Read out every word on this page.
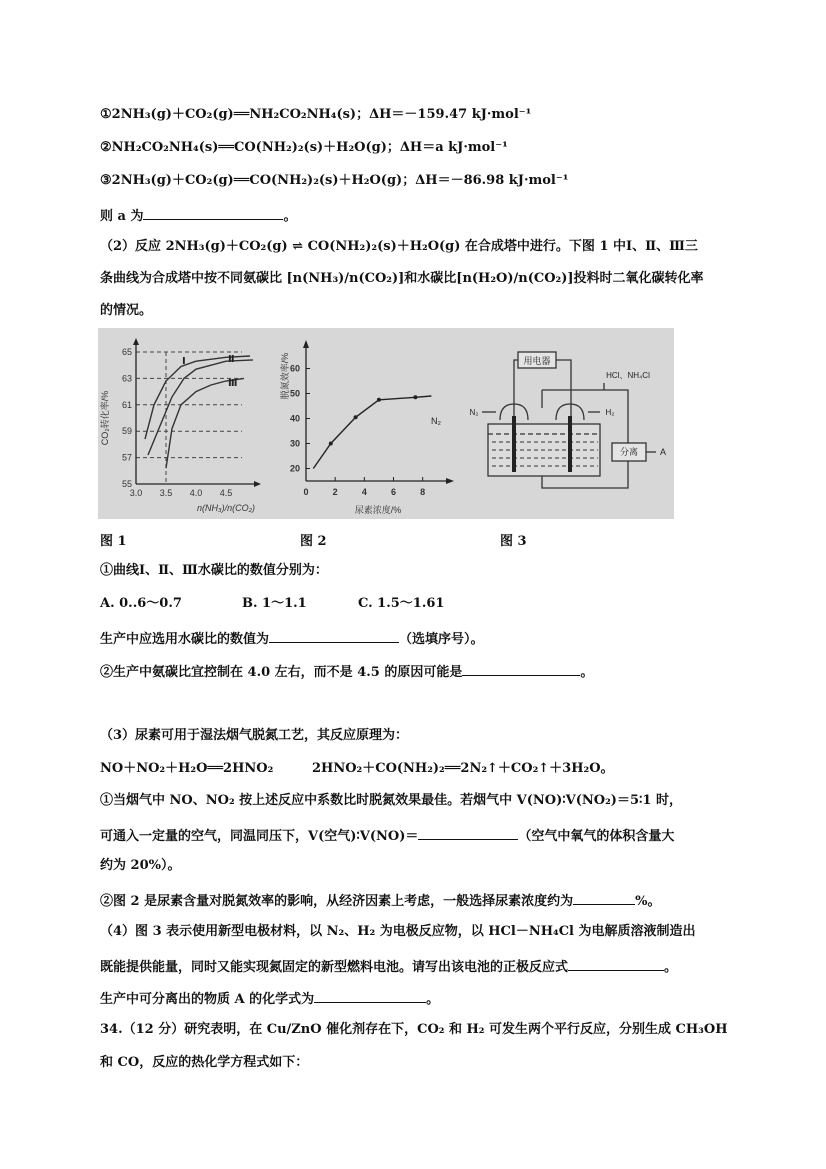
①2NH₃(g)＋CO₂(g)══NH₂CO₂NH₄(s)；ΔH＝－159.47 kJ·mol⁻¹
②NH₂CO₂NH₄(s)══CO(NH₂)₂(s)＋H₂O(g)；ΔH＝a kJ·mol⁻¹
③2NH₃(g)＋CO₂(g)══CO(NH₂)₂(s)＋H₂O(g)；ΔH＝－86.98 kJ·mol⁻¹
则 a 为	。
（2）反应 2NH₃(g)＋CO₂(g) ⇌ CO(NH₂)₂(s)＋H₂O(g) 在合成塔中进行。下图 1 中Ⅰ、Ⅱ、Ⅲ三
条曲线为合成塔中按不同氨碳比 [n(NH₃)/n(CO₂)]和水碳比[n(H₂O)/n(CO₂)]投料时二氧化碳转化率
的情况。
55
57
59
61
63
65
3.0 3.5 4.0 4.5
n(NH₃)/n(CO₂)
CO₂转化率/%
Ⅰ	Ⅱ
Ⅲ
20
30
40
50
60
0	2	4	6	8
尿素浓度/%
脱氮效率/%
N₂
用电器
HCl、NH₄Cl
N₂	H₂
分离 A
图 1	图 2	图 3
①曲线Ⅰ、Ⅱ、Ⅲ水碳比的数值分别为：
A. 0..6～0.7	B. 1～1.1	C. 1.5～1.61
生产中应选用水碳比的数值为	（选填序号）。
②生产中氨碳比宜控制在 4.0 左右，而不是 4.5 的原因可能是	。
（3）尿素可用于湿法烟气脱氮工艺，其反应原理为：
NO＋NO₂＋H₂O══2HNO₂	2HNO₂＋CO(NH₂)₂══2N₂↑＋CO₂↑＋3H₂O。
①当烟气中 NO、NO₂ 按上述反应中系数比时脱氮效果最佳。若烟气中 V(NO)∶V(NO₂)＝5∶1 时，
可通入一定量的空气，同温同压下，V(空气)∶V(NO)＝	（空气中氧气的体积含量大
约为 20%）。
②图 2 是尿素含量对脱氮效率的影响，从经济因素上考虑，一般选择尿素浓度约为	%。
（4）图 3 表示使用新型电极材料，以 N₂、H₂ 为电极反应物，以 HCl－NH₄Cl 为电解质溶液制造出
既能提供能量，同时又能实现氮固定的新型燃料电池。请写出该电池的正极反应式	。
生产中可分离出的物质 A 的化学式为	。
34.（12 分）研究表明，在 Cu/ZnO 催化剂存在下，CO₂ 和 H₂ 可发生两个平行反应，分别生成 CH₃OH
和 CO，反应的热化学方程式如下：
